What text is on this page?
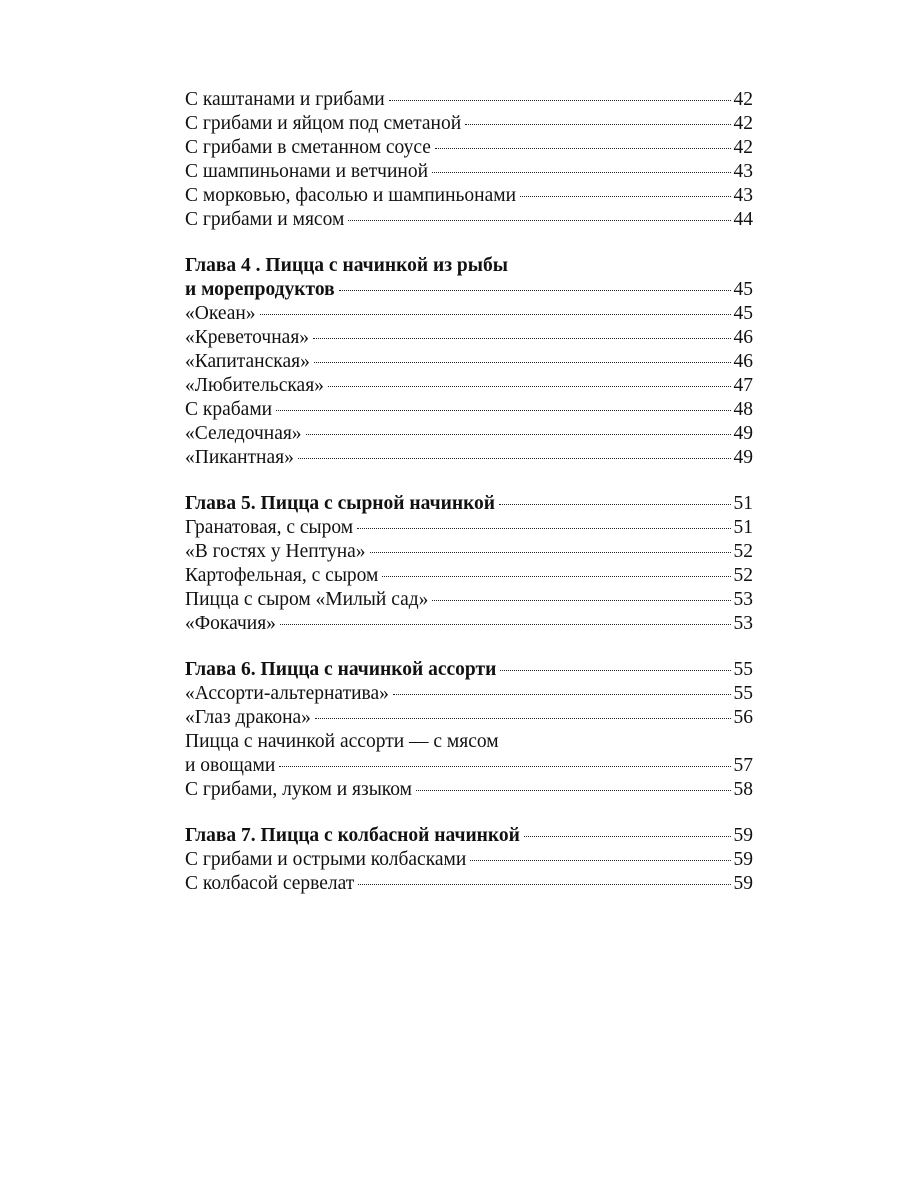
С каштанами и грибами	42
С грибами и яйцом под сметаной	42
С грибами в сметанном соусе	42
С шампиньонами и ветчиной	43
С морковью, фасолью и шампиньонами	43
С грибами и мясом	44
Глава 4 . Пицца с начинкой из рыбы
и морепродуктов	45
«Океан»	45
«Креветочная»	46
«Капитанская»	46
«Любительская»	47
С крабами	48
«Селедочная»	49
«Пикантная»	49
Глава 5. Пицца с сырной начинкой	51
Гранатовая, с сыром	51
«В гостях у Нептуна»	52
Картофельная, с сыром	52
Пицца с сыром «Милый сад»	53
«Фокачия»	53
Глава 6. Пицца с начинкой ассорти	55
«Ассорти-альтернатива»	55
«Глаз дракона»	56
Пицца с начинкой ассорти — с мясом
и овощами	57
С грибами, луком и языком	58
Глава 7. Пицца с колбасной начинкой	59
С грибами и острыми колбасками	59
С колбасой сервелат	59
